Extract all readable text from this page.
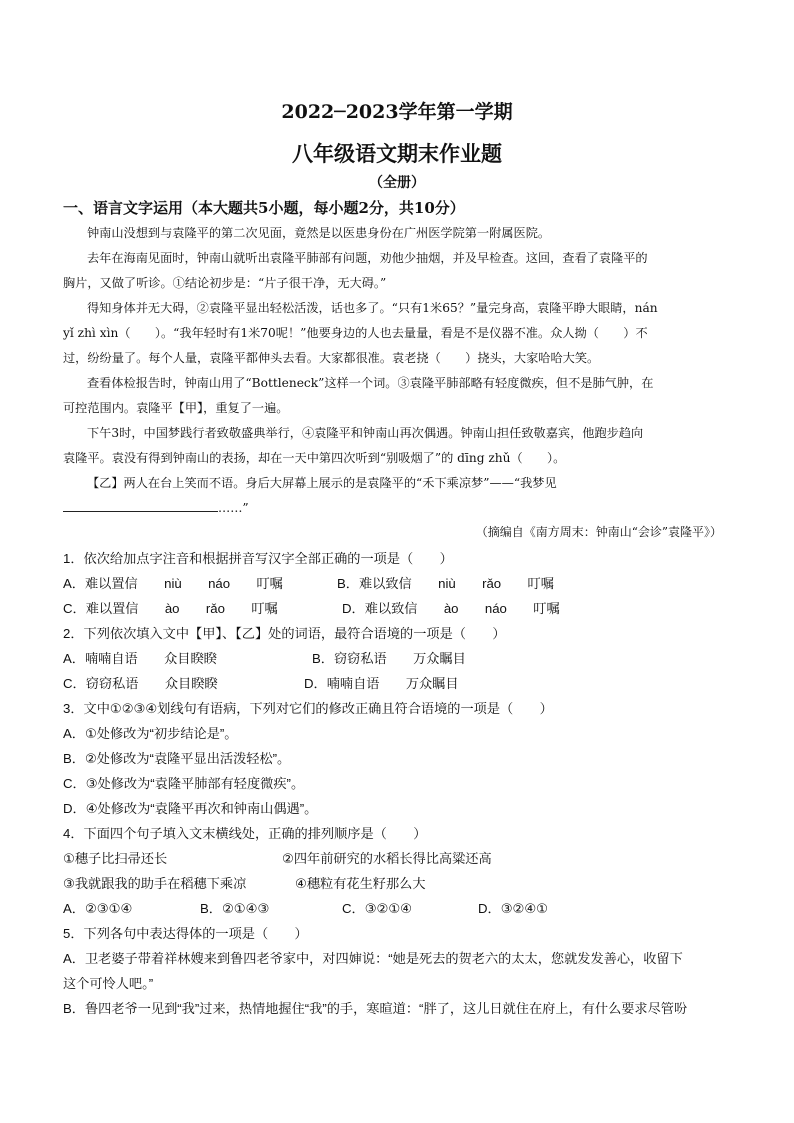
2022─2023学年第一学期
八年级语文期末作业题
（全册）
一、语言文字运用（本大题共5小题，每小题2分，共10分）
钟南山没想到与袁隆平的第二次见面，竟然是以医患身份在广州医学院第一附属医院。
去年在海南见面时，钟南山就听出袁隆平肺部有问题，劝他少抽烟，并及早检查。这回，查看了袁隆平的
胸片，又做了听诊。①结论初步是：“片子很干净，无大碍。”
得知身体并无大碍，②袁隆平显出轻松活泼，话也多了。“只有1米65？”量完身高，袁隆平睁大眼睛，nán
yǐ zhì xìn（　　）。“我年轻时有1米70呢！”他要身边的人也去量量，看是不是仪器不准。众人拗（　　）不
过，纷纷量了。每个人量，袁隆平都伸头去看。大家都很准。袁老挠（　　）挠头，大家哈哈大笑。
查看体检报告时，钟南山用了“Bottleneck”这样一个词。③袁隆平肺部略有轻度微疾，但不是肺气肿，在
可控范围内。袁隆平【甲】，重复了一遍。
下午3时，中国梦践行者致敬盛典举行，④袁隆平和钟南山再次偶遇。钟南山担任致敬嘉宾，他跑步趋向
袁隆平。袁没有得到钟南山的表扬，却在一天中第四次听到“别吸烟了”的 dīng zhǔ（　　）。
【乙】两人在台上笑而不语。身后大屏幕上展示的是袁隆平的“禾下乘凉梦”——“我梦见
……”
（摘编自《南方周末：钟南山“会诊”袁隆平》）
1．依次给加点字注音和根据拼音写汉字全部正确的一项是（　　）
A．难以置信　　niù　　náo　　叮嘱	B．难以致信　　niù　　rǎo　　叮嘱
C．难以置信　　ào　　rǎo　　叮嘱	D．难以致信　　ào　　náo　　叮嘱
2．下列依次填入文中【甲】、【乙】处的词语，最符合语境的一项是（　　）
A．喃喃自语　　众目睽睽	B．窃窃私语　　万众瞩目
C．窃窃私语　　众目睽睽	D．喃喃自语　　万众瞩目
3．文中①②③④划线句有语病，下列对它们的修改正确且符合语境的一项是（　　）
A．①处修改为“初步结论是”。
B．②处修改为“袁隆平显出活泼轻松”。
C．③处修改为“袁隆平肺部有轻度微疾”。
D．④处修改为“袁隆平再次和钟南山偶遇”。
4．下面四个句子填入文末横线处，正确的排列顺序是（　　）
①穗子比扫帚还长	②四年前研究的水稻长得比高粱还高
③我就跟我的助手在稻穗下乘凉	④穗粒有花生籽那么大
A．②③①④	B．②①④③	C．③②①④	D．③②④①
5．下列各句中表达得体的一项是（　　）
A．卫老婆子带着祥林嫂来到鲁四老爷家中，对四婶说：“她是死去的贺老六的太太，您就发发善心，收留下
这个可怜人吧。”
B．鲁四老爷一见到“我”过来，热情地握住“我”的手，寒暄道：“胖了，这儿日就住在府上，有什么要求尽管吩
